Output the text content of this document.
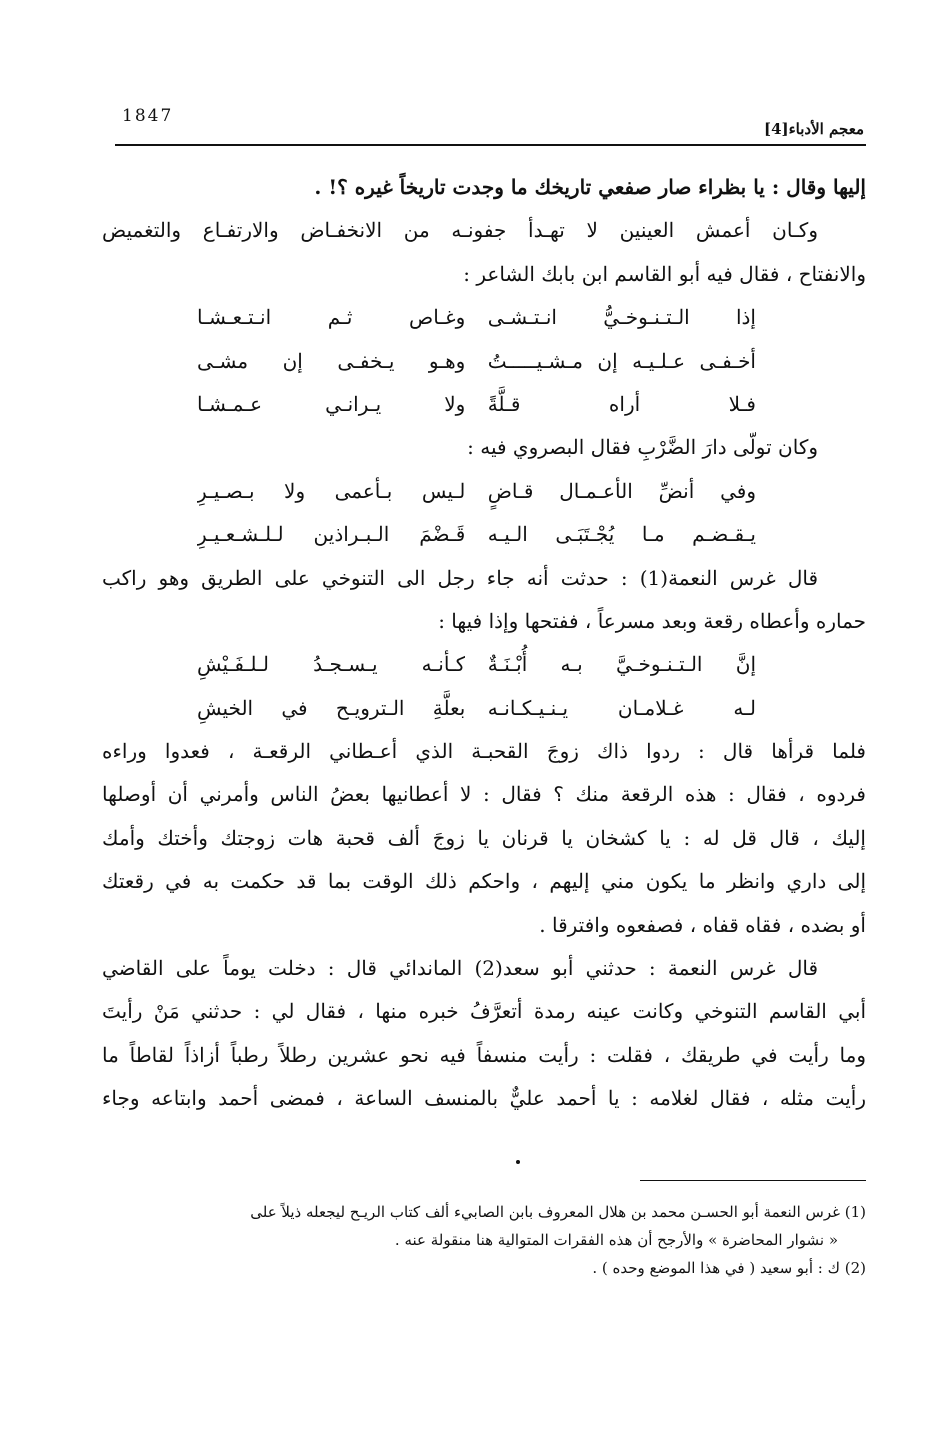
1847
معجم الأدباء[4]
إليها وقال : يا بظراء صار صفعي تاريخك ما وجدت تاريخاً غيره ؟! .
وكـان أعمش العينين لا تهـدأ جفونـه من الانخفـاض والارتفـاع والتغميض
والانفتاح ، فقال فيه أبو القاسم ابن بابك الشاعر :
إذا الـتـنـوخـيُّ انـتـشـى
وغـاص ثـم انـتـعـشـا
أخـفـى عـلـيـه إن مـشـيـــــتُ
وهـو يـخفـى إن مشـى
فـلا أراه قـلَّةً
ولا يـرانـي عـمـشـا
وكان تولّى دارَ الضَّرْبِ فقال البصروي فيه :
وفي أنضِّ الأعـمـال قـاضٍ
لـيس بـأعمى ولا بـصـيـرِ
يـقـضـم مـا يُجْـتَبَـى الـيـه
قَـضْمَ الـبـراذين لـلـشـعـيـرِ
قال غرس النعمة(1) : حدثت أنه جاء رجل الى التنوخي على الطريق وهو راكب
حماره وأعطاه رقعة وبعد مسرعاً ، ففتحها وإذا فيها :
إنَّ الـتـنـوخـيَّ بـه أُبْـنَـةٌ
كـأنـه يـسـجـدُ لـلـفَـيْشِ
لـه غـلامـان يـنـيـكـانـه
بعلَّةِ الـترويـح في الخيشِ
فلما قرأها قال : ردوا ذاك زوجَ القحبـة الذي أعـطاني الرقعـة ، فعدوا وراءه
فردوه ، فقال : هذه الرقعة منك ؟ فقال : لا أعطانيها بعضُ الناس وأمرني أن أوصلها
إليك ، قال قل له : يا كشخان يا قرنان يا زوجَ ألف قحبة هات زوجتك وأختك وأمك
إلى داري وانظر ما يكون مني إليهم ، واحكم ذلك الوقت بما قد حكمت به في رقعتك
أو بضده ، فقاه قفاه ، فصفعوه وافترقا .
قال غرس النعمة : حدثني أبو سعد(2) الماندائي قال : دخلت يوماً على القاضي
أبي القاسم التنوخي وكانت عينه رمدة أتعرَّفُ خبره منها ، فقال لي : حدثني مَنْ رأيتَ
وما رأيت في طريقك ، فقلت : رأيت منسفاً فيه نحو عشرين رطلاً رطباً أزاذاً لقاطاً ما
رأيت مثله ، فقال لغلامه : يا أحمد عليٌّ بالمنسف الساعة ، فمضى أحمد وابتاعه وجاء
(1) غرس النعمة أبو الحسـن محمد بن هلال المعروف بابن الصابيء ألف كتاب الريـح ليجعله ذيلاً على
« نشوار المحاضرة » والأرجح أن هذه الفقرات المتوالية هنا منقولة عنه .
(2) ك : أبو سعيد ( في هذا الموضع وحده ) .
